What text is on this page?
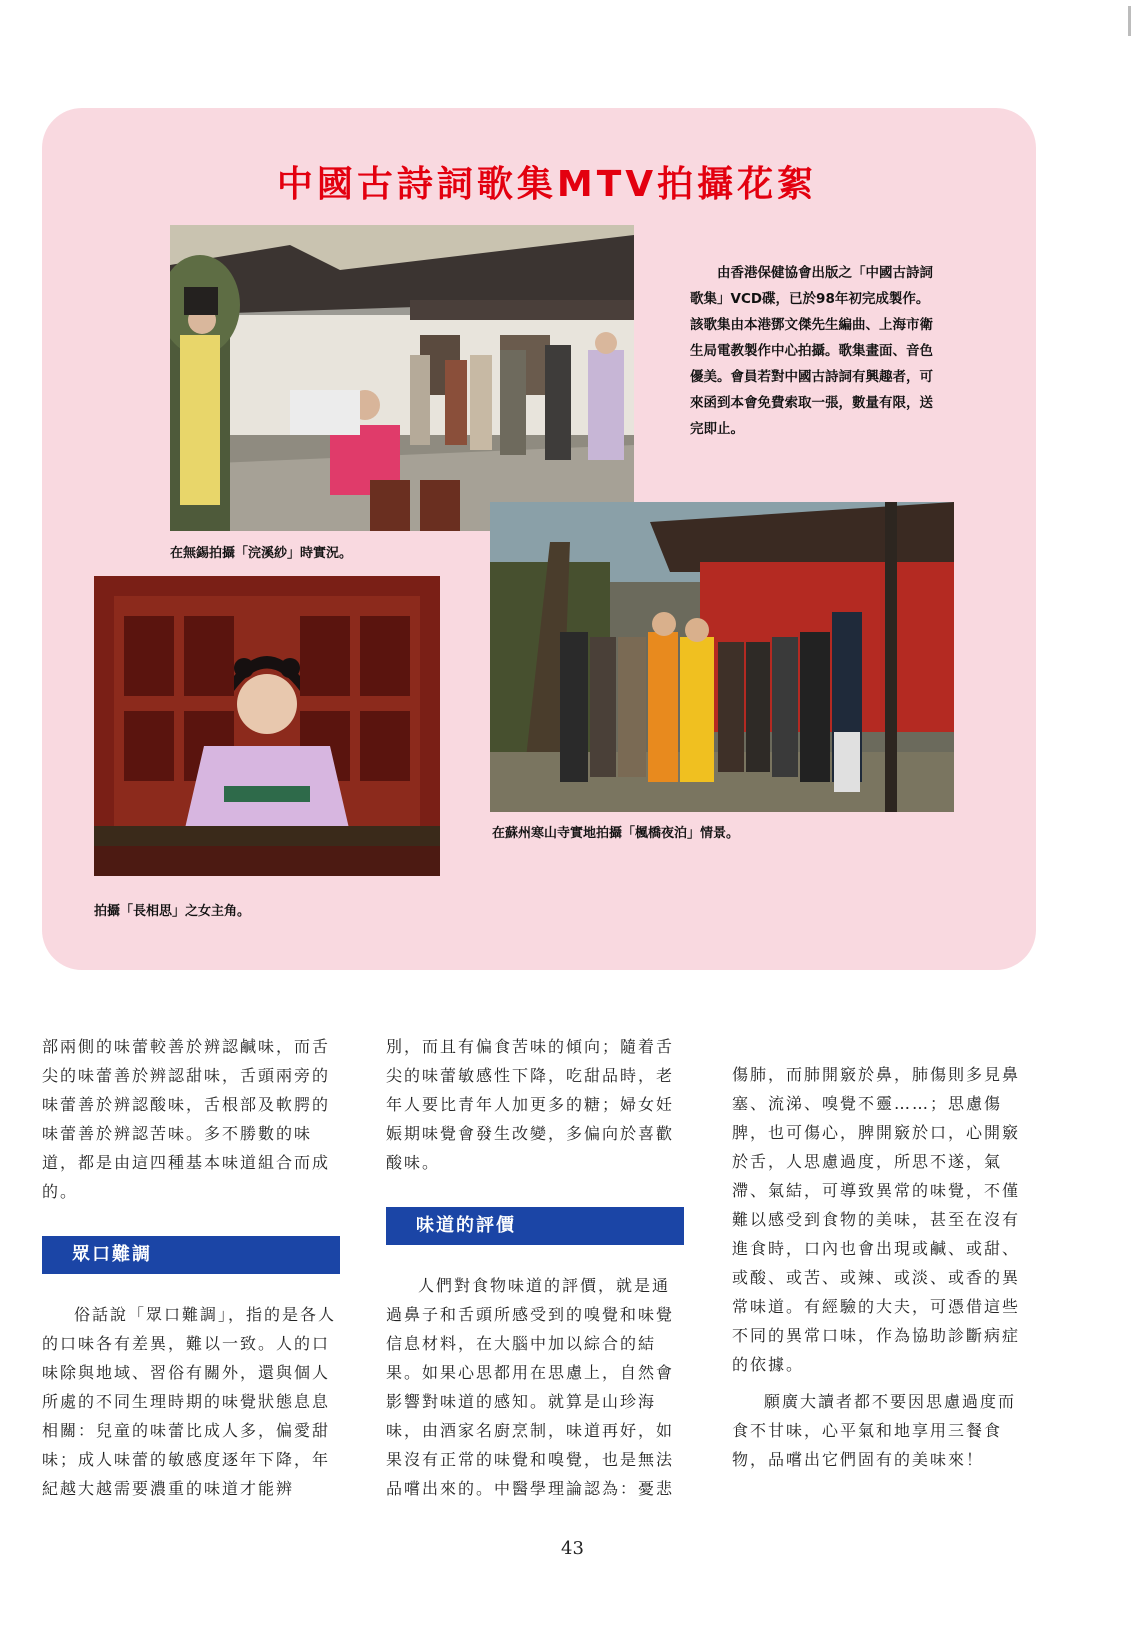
中國古詩詞歌集MTV拍攝花絮

由香港保健協會出版之「中國古詩詞歌集」VCD碟，已於98年初完成製作。該歌集由本港鄧文傑先生編曲、上海市衛生局電教製作中心拍攝。歌集畫面、音色優美。會員若對中國古詩詞有興趣者，可來函到本會免費索取一張，數量有限，送完即止。

在無錫拍攝「浣溪紗」時實況。
在蘇州寒山寺實地拍攝「楓橋夜泊」情景。
拍攝「長相思」之女主角。

部兩側的味蕾較善於辨認鹹味，而舌尖的味蕾善於辨認甜味，舌頭兩旁的味蕾善於辨認酸味，舌根部及軟腭的味蕾善於辨認苦味。多不勝數的味道，都是由這四種基本味道組合而成的。

眾口難調

俗話說「眾口難調」，指的是各人的口味各有差異，難以一致。人的口味除與地域、習俗有關外，還與個人所處的不同生理時期的味覺狀態息息相關：兒童的味蕾比成人多，偏愛甜味；成人味蕾的敏感度逐年下降，年紀越大越需要濃重的味道才能辨

別，而且有偏食苦味的傾向；隨着舌尖的味蕾敏感性下降，吃甜品時，老年人要比青年人加更多的糖；婦女妊娠期味覺會發生改變，多偏向於喜歡酸味。

味道的評價

人們對食物味道的評價，就是通過鼻子和舌頭所感受到的嗅覺和味覺信息材料，在大腦中加以綜合的結果。如果心思都用在思慮上，自然會影響對味道的感知。就算是山珍海味，由酒家名廚烹制，味道再好，如果沒有正常的味覺和嗅覺，也是無法品嚐出來的。中醫學理論認為：憂悲

傷肺，而肺開竅於鼻，肺傷則多見鼻塞、流涕、嗅覺不靈……；思慮傷脾，也可傷心，脾開竅於口，心開竅於舌，人思慮過度，所思不遂，氣滯、氣結，可導致異常的味覺，不僅難以感受到食物的美味，甚至在沒有進食時，口內也會出現或鹹、或甜、或酸、或苦、或辣、或淡、或香的異常味道。有經驗的大夫，可憑借這些不同的異常口味，作為協助診斷病症的依據。

願廣大讀者都不要因思慮過度而食不甘味，心平氣和地享用三餐食物，品嚐出它們固有的美味來！

43
